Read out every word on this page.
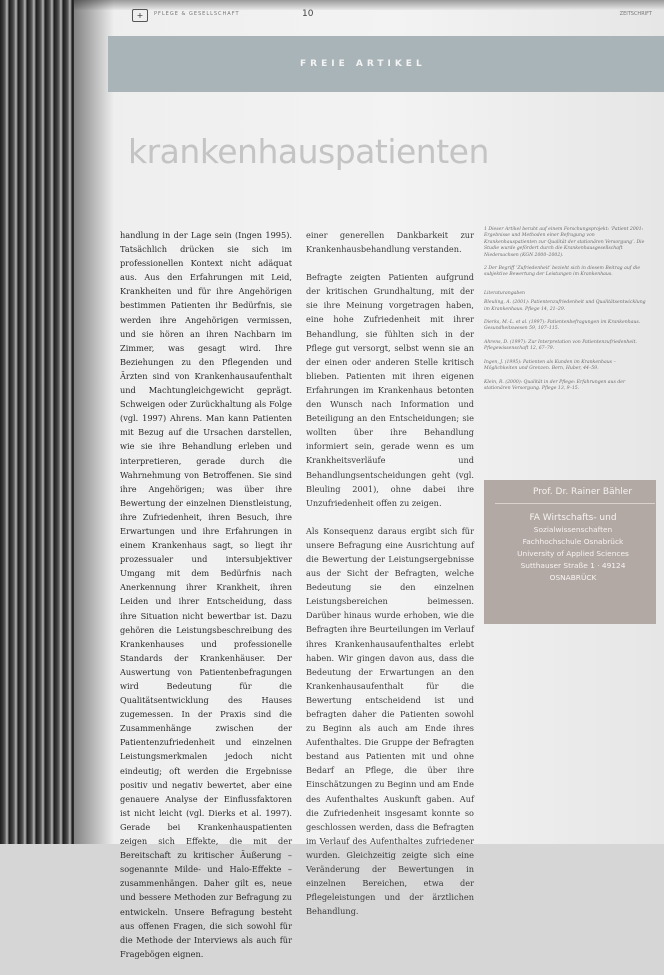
+	PFLEGE & GESELLSCHAFT	10	ZEITSCHRIFT
FREIE ARTIKEL
krankenhauspatienten

handlung in der Lage sein (Ingen 1995). Tatsächlich drücken sie sich im professionellen Kontext nicht adäquat aus. Aus den Erfahrungen mit Leid, Krankheiten und für ihre Angehörigen bestimmen Patienten ihr Bedürfnis, sie werden ihre Angehörigen vermissen, und sie hören an ihren Nachbarn im Zimmer, was gesagt wird. Ihre Beziehungen zu den Pflegenden und Ärzten sind von Krankenhausaufenthalt und Machtungleichgewicht geprägt. Schweigen oder Zurückhaltung als Folge (vgl. 1997) Ahrens. Man kann Patienten mit Bezug auf die Ursachen darstellen, wie sie ihre Behandlung erleben und interpretieren, gerade durch die Wahrnehmung von Betroffenen. Sie sind ihre Angehörigen; was über ihre Bewertung der einzelnen Dienstleistung, ihre Zufriedenheit, ihren Besuch, ihre Erwartungen und ihre Erfahrungen in einem Krankenhaus sagt, so liegt ihr prozessualer und intersubjektiver Umgang mit dem Bedürfnis nach Anerkennung ihrer Krankheit, ihren Leiden und ihrer Entscheidung, dass ihre Situation nicht bewertbar ist. Dazu gehören die Leistungsbeschreibung des Krankenhauses und professionelle Standards der Krankenhäuser. Der Auswertung von Patientenbefragungen wird Bedeutung für die Qualitätsentwicklung des Hauses zugemessen. In der Praxis sind die Zusammenhänge zwischen der Patientenzufriedenheit und einzelnen Leistungsmerkmalen jedoch nicht eindeutig; oft werden die Ergebnisse positiv und negativ bewertet, aber eine genauere Analyse der Einflussfaktoren ist nicht leicht (vgl. Dierks et al. 1997). Gerade bei Krankenhauspatienten zeigen sich Effekte, die mit der Bereitschaft zu kritischer Äußerung – sogenannte Milde- und Halo-Effekte – zusammenhängen. Daher gilt es, neue und bessere Methoden zur Befragung zu entwickeln. Unsere Befragung besteht aus offenen Fragen, die sich sowohl für die Methode der Interviews als auch für Fragebögen eignen.

einer generellen Dankbarkeit zur Krankenhausbehandlung verstanden.

Befragte zeigten Patienten aufgrund der kritischen Grundhaltung, mit der sie ihre Meinung vorgetragen haben, eine hohe Zufriedenheit mit ihrer Behandlung, sie fühlten sich in der Pflege gut versorgt, selbst wenn sie an der einen oder anderen Stelle kritisch blieben. Patienten mit ihren eigenen Erfahrungen im Krankenhaus betonten den Wunsch nach Information und Beteiligung an den Entscheidungen; sie wollten über ihre Behandlung informiert sein, gerade wenn es um Krankheitsverläufe und Behandlungsentscheidungen geht (vgl. Bleuling 2001), ohne dabei ihre Unzufriedenheit offen zu zeigen.

Als Konsequenz daraus ergibt sich für unsere Befragung eine Ausrichtung auf die Bewertung der Leistungsergebnisse aus der Sicht der Befragten, welche Bedeutung sie den einzelnen Leistungsbereichen beimessen. Darüber hinaus wurde erhoben, wie die Befragten ihre Beurteilungen im Verlauf ihres Krankenhausaufenthaltes erlebt haben. Wir gingen davon aus, dass die Bedeutung der Erwartungen an den Krankenhausaufenthalt für die Bewertung entscheidend ist und befragten daher die Patienten sowohl zu Beginn als auch am Ende ihres Aufenthaltes. Die Gruppe der Befragten bestand aus Patienten mit und ohne Bedarf an Pflege, die über ihre Einschätzungen zu Beginn und am Ende des Aufenthaltes Auskunft gaben. Auf die Zufriedenheit insgesamt konnte so geschlossen werden, dass die Befragten im Verlauf des Aufenthaltes zufriedener wurden. Gleichzeitig zeigte sich eine Veränderung der Bewertungen in einzelnen Bereichen, etwa der Pflegeleistungen und der ärztlichen Behandlung.

1 Dieser Artikel beruht auf einem Forschungsprojekt: ‘Patient 2001: Ergebnisse und Methoden einer Befragung von Krankenhauspatienten zur Qualität der stationären Versorgung’. Die Studie wurde gefördert durch die Krankenhausgesellschaft Niedersachsen (KGN 2000–2002).
2 Der Begriff ‘Zufriedenheit’ bezieht sich in diesem Beitrag auf die subjektive Bewertung der Leistungen im Krankenhaus.
Literaturangaben
Bleuling, A. (2001): Patientenzufriedenheit und Qualitätsentwicklung im Krankenhaus. Pflege 14, 21–29.
Dierks, M.-L. et al. (1997): Patientenbefragungen im Krankenhaus. Gesundheitswesen 59, 107–115.
Ahrens, D. (1997): Zur Interpretation von Patientenzufriedenheit. Pflegewissenschaft 12, 67–79.
Ingen, J. (1995): Patienten als Kunden im Krankenhaus – Möglichkeiten und Grenzen. Bern, Huber, 44–59.
Klein, R. (2000): Qualität in der Pflege: Erfahrungen aus der stationären Versorgung. Pflege 13, 9–15.
Prof. Dr. Rainer Bähler
FA Wirtschafts- und
Sozialwissenschaften
Fachhochschule Osnabrück
University of Applied Sciences
Sutthauser Straße 1 · 49124
OSNABRÜCK
